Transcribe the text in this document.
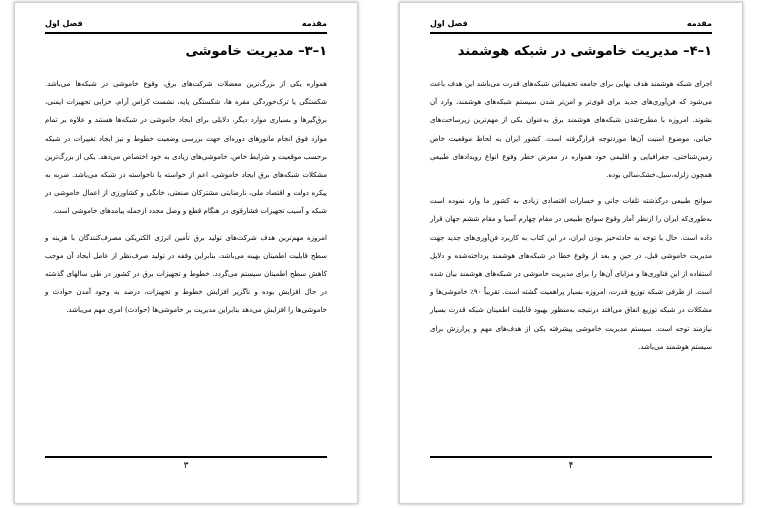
مقدمه
فصل اول
۱–۳– مدیریت خاموشی

همواره یکی از بزرگ‌ترین معضلات شرکت‌های برق، وقوع خاموشی در شبکه‌ها می‌باشد. شکستگی یا ترک‌خوردگی مقره ها، شکستگی پایه، نشست کراس آرام، خرابی تجهیزات ایمنی، برق‌گیرها و بسیاری موارد دیگر، دلایلی برای ایجاد خاموشی در شبکه‌ها هستند و علاوه بر تمام موارد فوق انجام مانورهای دوره‌ای جهت بررسی وضعیت خطوط و نیز ایجاد تغییرات در شبکه برحسب موقعیت و شرایط خاص، خاموشی‌های زیادی به خود اختصاص می‌دهد. یکی از بزرگ‌ترین مشکلات شبکه‌های برق ایجاد خاموشی، اعم از خواسته یا ناخواسته در شبکه می‌باشد. ضربه به پیکره دولت و اقتصاد ملی، نارضایتی مشترکان صنعتی، خانگی و کشاورزی از اعمال خاموشی در شبکه و آسیب تجهیزات فشارقوی در هنگام قطع و وصل مجدد ازجمله پیامدهای خاموشی است.

امروزه مهم‌ترین هدف شرکت‌های تولید برق تأمین انرژی الکتریکی مصرف‌کنندگان با هزینه و سطح قابلیت اطمینان بهینه می‌باشد، بنابراین وقفه در تولید صرف‌نظر از عامل ایجاد آن موجب کاهش سطح اطمینان سیستم می‌گردد. خطوط و تجهیزات برق در کشور در طی سالهای گذشته در حال افزایش بوده و ناگزیر افزایش خطوط و تجهیزات، درصد به وجود آمدن حوادث و خاموشی‌ها را افزایش می‌دهد بنابراین مدیریت بر خاموشی‌ها (حوادث) امری مهم می‌باشد.

۳
مقدمه
فصل اول
۱–۴– مدیریت خاموشی در شبکه هوشمند

اجرای شبکه هوشمند هدف نهایی برای جامعه تحقیقاتی شبکه‌های قدرت می‌باشد این هدف باعث می‌شود که فن‌آوری‌های جدید برای قوی‌تر و امن‌تر شدن سیستم شبکه‌های هوشمند، وارد آن بشوند. امروزه با مطرح‌شدن شبکه‌های هوشمند برق به‌عنوان یکی از مهم‌ترین زیرساخت‌های حیاتی، موضوع امنیت آن‌ها موردتوجه قرارگرفته است. کشور ایران به لحاظ موقعیت خاص زمین‌شناختی، جغرافیایی و اقلیمی خود همواره در معرض خطر وقوع انواع رویدادهای طبیعی همچون زلزله،سیل،خشک‌سالی بوده.

سوانح طبیعی درگذشته تلفات جانی و خسارات اقتصادی زیادی به کشور ما وارد نموده است به‌طوری‌که ایران را ازنظر آمار وقوع سوانح طبیعی در مقام چهارم آسیا و مقام ششم جهان قرار داده است. حال با توجه به حادثه‌خیز بودن ایران، در این کتاب به کاربرد فن‌آوری‌های جدید جهت مدیریت خاموشی قبل، در حین و بعد از وقوع خطا در شبکه‌های هوشمند پرداخته‌شده و دلایل استفاده از این فناوری‌ها و مزایای آن‌ها را برای مدیریت خاموشی در شبکه‌های هوشمند بیان شده است. از طرفی شبکه توزیع قدرت، امروزه بسیار پراهمیت گشته است. تقریباً ۹۰٪ خاموشی‌ها و مشکلات در شبکه توزیع اتفاق می‌افتد درنتیجه به‌منظور بهبود قابلیت اطمینان شبکه قدرت بسیار نیازمند توجه است. سیستم مدیریت خاموشی پیشرفته یکی از هدف‌های مهم و پرارزش برای سیستم هوشمند می‌باشد.

۴
